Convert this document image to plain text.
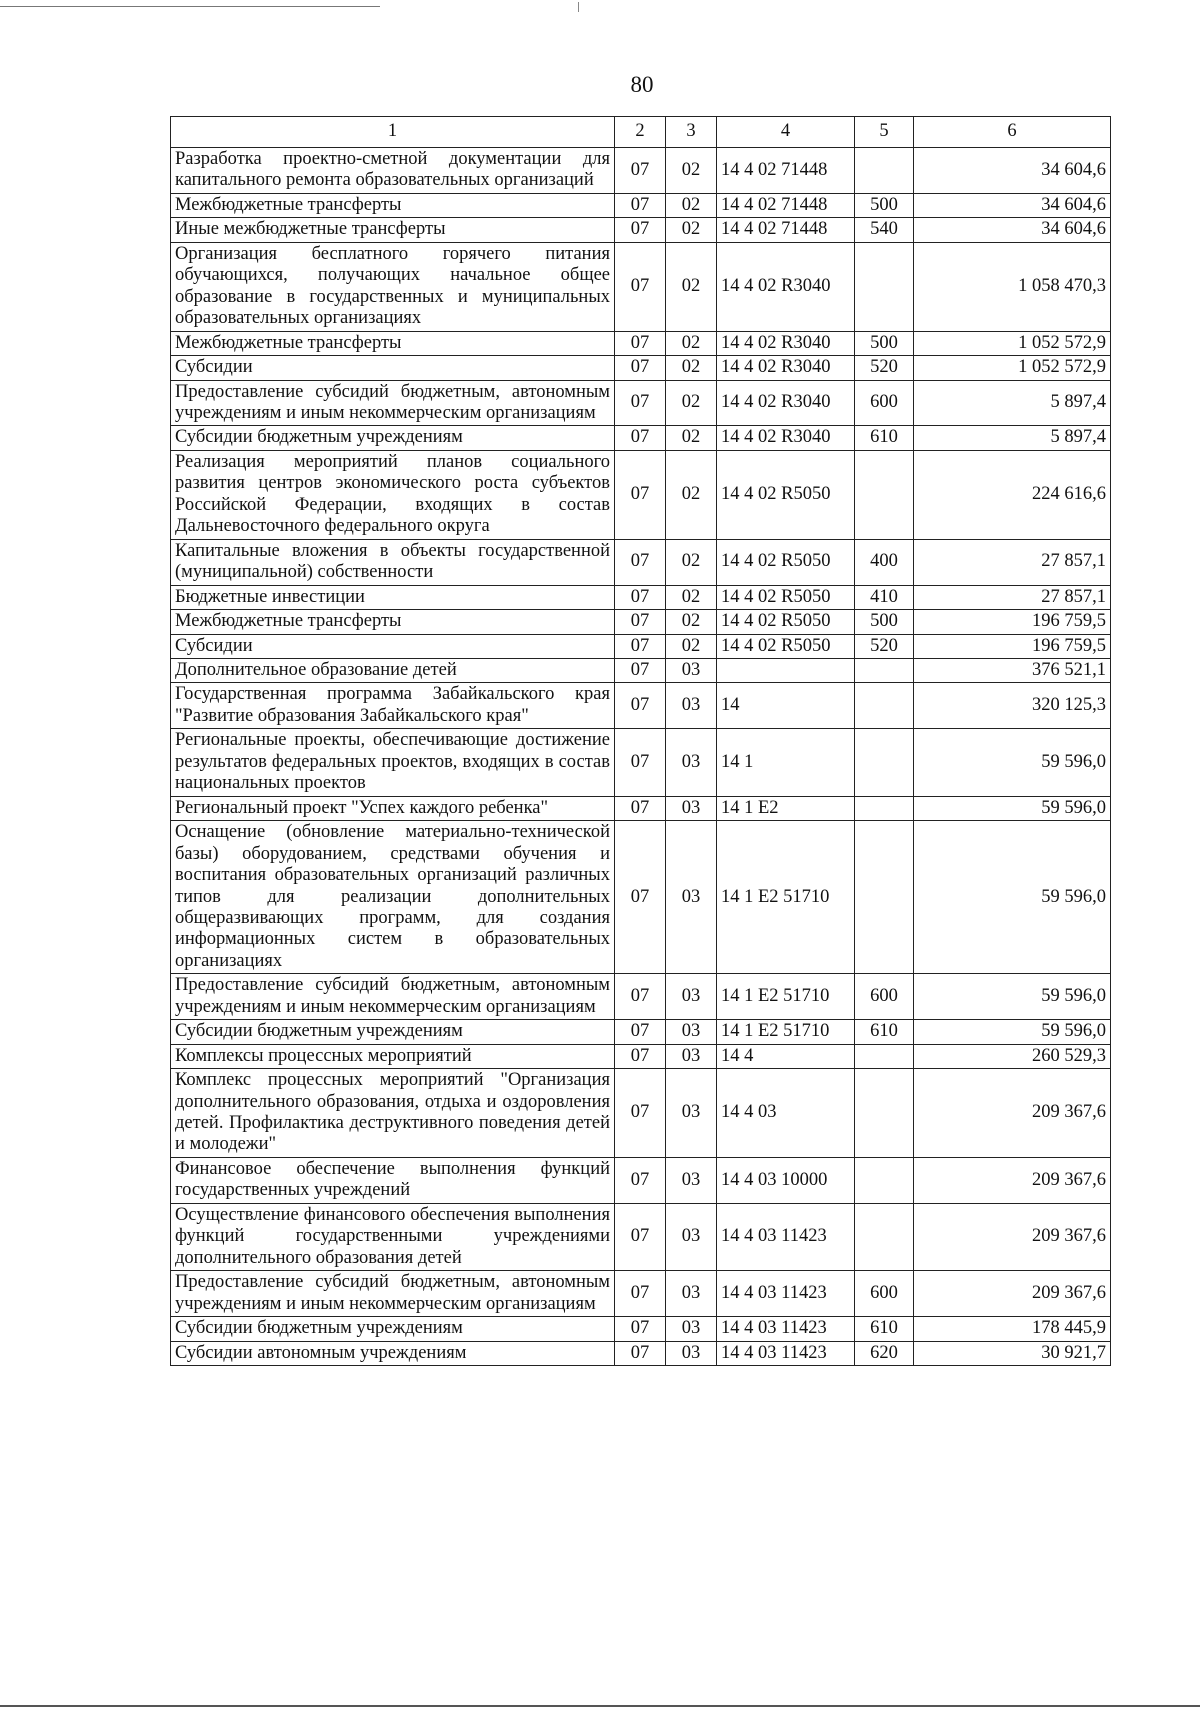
80
1	2	3	4	5	6
Разработка проектно-сметной документации для капитального ремонта образовательных организаций	07	02	14 4 02 71448		34 604,6
Межбюджетные трансферты	07	02	14 4 02 71448	500	34 604,6
Иные межбюджетные трансферты	07	02	14 4 02 71448	540	34 604,6
Организация бесплатного горячего питания обучающихся, получающих начальное общее образование в государственных и муниципальных образовательных организациях	07	02	14 4 02 R3040		1 058 470,3
Межбюджетные трансферты	07	02	14 4 02 R3040	500	1 052 572,9
Субсидии	07	02	14 4 02 R3040	520	1 052 572,9
Предоставление субсидий бюджетным, автономным учреждениям и иным некоммерческим организациям	07	02	14 4 02 R3040	600	5 897,4
Субсидии бюджетным учреждениям	07	02	14 4 02 R3040	610	5 897,4
Реализация мероприятий планов социального развития центров экономического роста субъектов Российской Федерации, входящих в состав Дальневосточного федерального округа	07	02	14 4 02 R5050		224 616,6
Капитальные вложения в объекты государственной (муниципальной) собственности	07	02	14 4 02 R5050	400	27 857,1
Бюджетные инвестиции	07	02	14 4 02 R5050	410	27 857,1
Межбюджетные трансферты	07	02	14 4 02 R5050	500	196 759,5
Субсидии	07	02	14 4 02 R5050	520	196 759,5
Дополнительное образование детей	07	03			376 521,1
Государственная программа Забайкальского края "Развитие образования Забайкальского края"	07	03	14		320 125,3
Региональные проекты, обеспечивающие достижение результатов федеральных проектов, входящих в состав национальных проектов	07	03	14 1		59 596,0
Региональный проект "Успех каждого ребенка"	07	03	14 1 E2		59 596,0
Оснащение (обновление материально-технической базы) оборудованием, средствами обучения и воспитания образовательных организаций различных типов для реализации дополнительных общеразвивающих программ, для создания информационных систем в образовательных организациях	07	03	14 1 E2 51710		59 596,0
Предоставление субсидий бюджетным, автономным учреждениям и иным некоммерческим организациям	07	03	14 1 E2 51710	600	59 596,0
Субсидии бюджетным учреждениям	07	03	14 1 E2 51710	610	59 596,0
Комплексы процессных мероприятий	07	03	14 4		260 529,3
Комплекс процессных мероприятий "Организация дополнительного образования, отдыха и оздоровления детей. Профилактика деструктивного поведения детей и молодежи"	07	03	14 4 03		209 367,6
Финансовое обеспечение выполнения функций государственных учреждений	07	03	14 4 03 10000		209 367,6
Осуществление финансового обеспечения выполнения функций государственными учреждениями дополнительного образования детей	07	03	14 4 03 11423		209 367,6
Предоставление субсидий бюджетным, автономным учреждениям и иным некоммерческим организациям	07	03	14 4 03 11423	600	209 367,6
Субсидии бюджетным учреждениям	07	03	14 4 03 11423	610	178 445,9
Субсидии автономным учреждениям	07	03	14 4 03 11423	620	30 921,7
